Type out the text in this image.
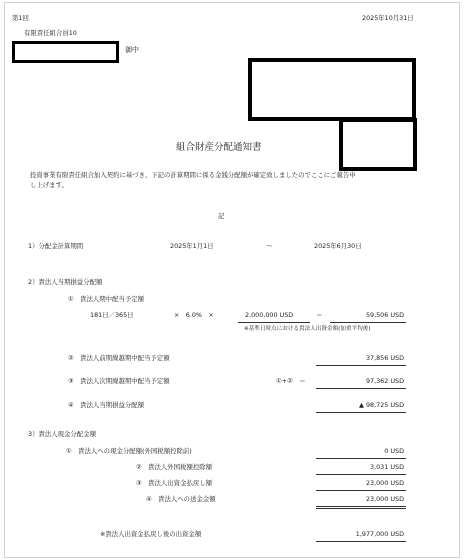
第1回	2025年10月31日
有限責任組合員10
御中
組合財産分配通知書
投資事業有限責任組合加入契約に基づき、下記の計算期間に係る金銭分配額が確定致しましたのでここにご報告申
し上げます。
記
1）分配金計算期間	2025年1月1日	〜	2025年6月30日
2）貴法人当期損益分配額
①　貴法人期中配当予定額
181日／365日	×　6.0%　×	2,000,000 USD	＝	59,506 USD
※基準日時点における貴法人出資金額(加重平均後)
②　貴法人前期繰越期中配当予定額	37,856 USD
③　貴法人次期繰越期中配当予定額	①+②　＝	97,362 USD
④　貴法人当期損益分配額	▲ 98,725 USD
3）貴法人現金分配金額
①　貴法人への現金分配額(外国税額控除前)	0 USD
②　貴法人外国税額控除額	3,031 USD
③　貴法人出資金払戻し額	23,000 USD
④　貴法人への送金金額	23,000 USD
※貴法人出資金払戻し後の出資金額	1,977,000 USD
